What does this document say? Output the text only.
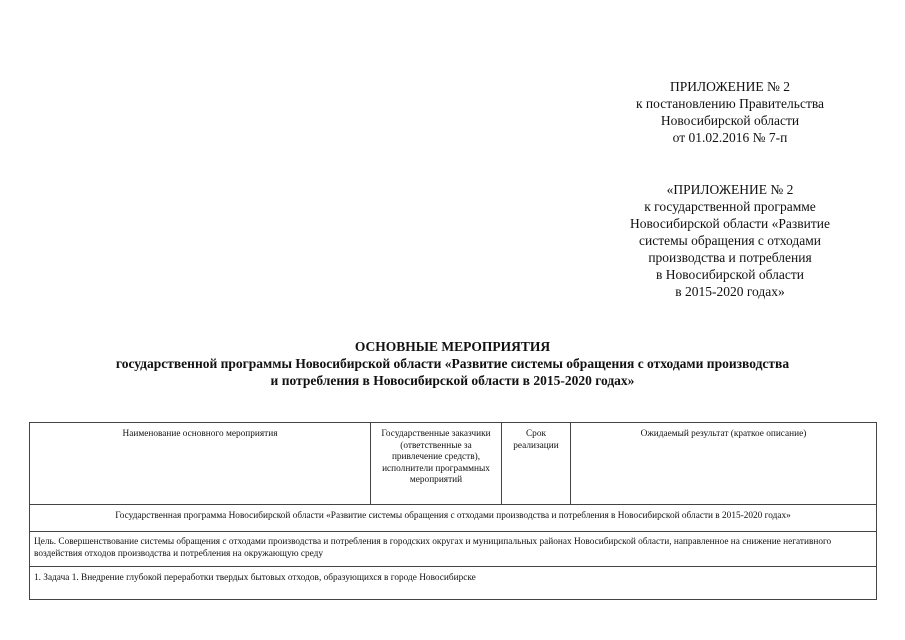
ПРИЛОЖЕНИЕ № 2
к постановлению Правительства
Новосибирской области
от 01.02.2016 № 7-п
«ПРИЛОЖЕНИЕ № 2
к государственной программе
Новосибирской области «Развитие
системы обращения с отходами
производства и потребления
в Новосибирской области
в 2015-2020 годах»
ОСНОВНЫЕ МЕРОПРИЯТИЯ
государственной программы Новосибирской области «Развитие системы обращения с отходами производства
и потребления в Новосибирской области в 2015-2020 годах»
Наименование основного мероприятия	Государственные заказчики (ответственные за привлечение средств), исполнители программных мероприятий	Срок реализации	Ожидаемый результат (краткое описание)
Государственная программа Новосибирской области «Развитие системы обращения с отходами производства и потребления в Новосибирской области в 2015-2020 годах»
Цель. Совершенствование системы обращения с отходами производства и потребления в городских округах и муниципальных районах Новосибирской области, направленное на снижение негативного воздействия отходов производства и потребления на окружающую среду
1. Задача 1. Внедрение глубокой переработки твердых бытовых отходов, образующихся в городе Новосибирске
